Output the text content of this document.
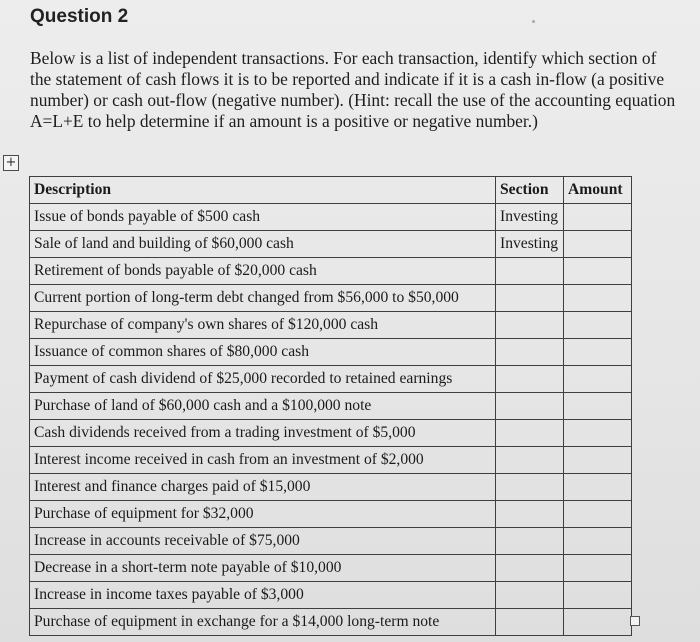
Question 2

Below is a list of independent transactions. For each transaction, identify which section of the statement of cash flows it is to be reported and indicate if it is a cash in-flow (a positive number) or cash out-flow (negative number). (Hint: recall the use of the accounting equation A=L+E to help determine if an amount is a positive or negative number.)

+
Description	Section	Amount
Issue of bonds payable of $500 cash	Investing	
Sale of land and building of $60,000 cash	Investing	
Retirement of bonds payable of $20,000 cash		
Current portion of long-term debt changed from $56,000 to $50,000		
Repurchase of company's own shares of $120,000 cash		
Issuance of common shares of $80,000 cash		
Payment of cash dividend of $25,000 recorded to retained earnings		
Purchase of land of $60,000 cash and a $100,000 note		
Cash dividends received from a trading investment of $5,000		
Interest income received in cash from an investment of $2,000		
Interest and finance charges paid of $15,000		
Purchase of equipment for $32,000		
Increase in accounts receivable of $75,000		
Decrease in a short-term note payable of $10,000		
Increase in income taxes payable of $3,000		
Purchase of equipment in exchange for a $14,000 long-term note		
